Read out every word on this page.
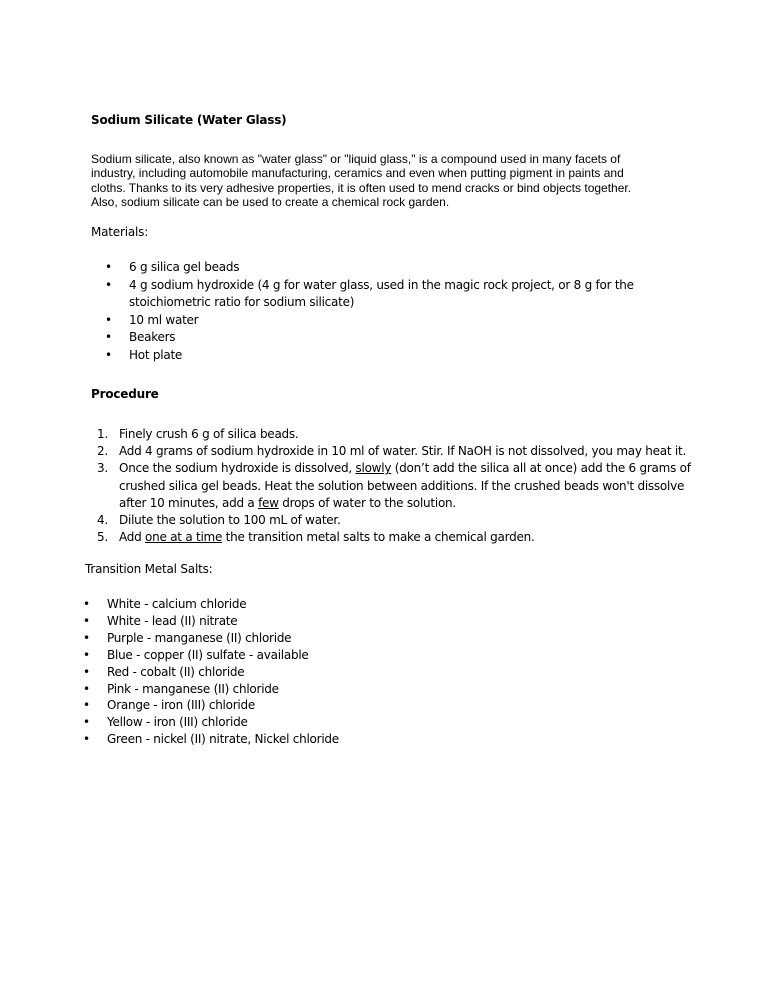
Sodium Silicate (Water Glass)

Sodium silicate, also known as "water glass" or "liquid glass," is a compound used in many facets of

industry, including automobile manufacturing, ceramics and even when putting pigment in paints and

cloths. Thanks to its very adhesive properties, it is often used to mend cracks or bind objects together.

Also, sodium silicate can be used to create a chemical rock garden.

Materials:
• 6 g silica gel beads
• 4 g sodium hydroxide (4 g for water glass, used in the magic rock project, or 8 g for the
stoichiometric ratio for sodium silicate)
• 10 ml water
• Beakers
• Hot plate
Procedure
1. Finely crush 6 g of silica beads.
2. Add 4 grams of sodium hydroxide in 10 ml of water. Stir. If NaOH is not dissolved, you may heat it.
3. Once the sodium hydroxide is dissolved, slowly (don’t add the silica all at once) add the 6 grams of
crushed silica gel beads. Heat the solution between additions. If the crushed beads won't dissolve
after 10 minutes, add a few drops of water to the solution.
4. Dilute the solution to 100 mL of water.
5. Add one at a time the transition metal salts to make a chemical garden.
Transition Metal Salts:
• White - calcium chloride
• White - lead (II) nitrate
• Purple - manganese (II) chloride
• Blue - copper (II) sulfate - available
• Red - cobalt (II) chloride
• Pink - manganese (II) chloride
• Orange - iron (III) chloride
• Yellow - iron (III) chloride
• Green - nickel (II) nitrate, Nickel chloride
